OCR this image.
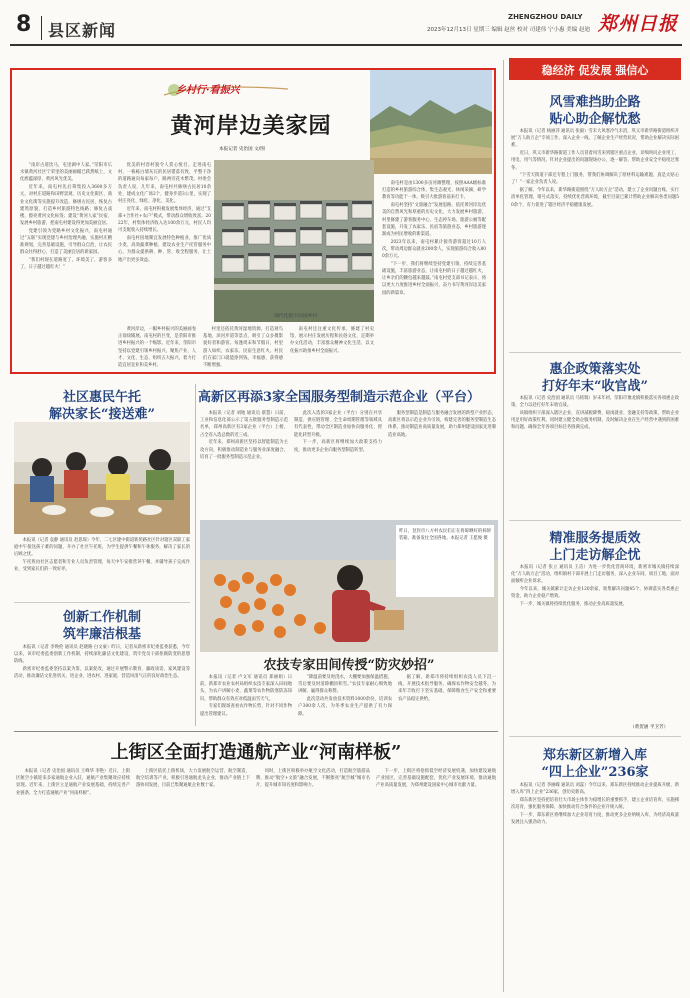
8 县区新闻
ZHENGZHOU DAILY 郑州日报
2023年12月13日 星期三 编辑 赵丝 校对 司建伟 宁小惠 美编 赵迪
乡村行·看振兴
黄河岸边美家园
本报记者 史治国 文/图

“南岸古道饮马，屯里湖中人家。”荥阳市広水镇黄河社区宁荣里的美丽画幅已跃然纸上，文化底蕴深厚，黄河风光优美。

近年来，南屯村先后筹集投入3600多万元，对村庄道路和田野景观、历史文化街区、商业文化街等实施提升改造，修缮古民居，恢复古建筑原貌，打造乡村旅游特色线路；修复古戏楼，擦亮黄河文化标签；建设“黄河人家”民宿，发展乡村旅游，把南屯村建设得更加美丽宜居。

党建引领为党路乡村文化振兴，南屯村通过“五联”实现党建与乡村治理共融，实施村庄精准规划，完善基础设施，引导群众自治，让农民群众住得舒心，打造了美丽宜居的新家园。

“我们村现在道路宽了，环境美了，游客多了，日子越过越红火！”

优美的村容村貌令人赏心悦目。走进南屯村，一栋栋白墙灰瓦的民居错落有致，平整干净的道路通向每家每户，路两旁花木繁茂。村委会负责人说，几年来，南屯村共修缮古民居10余处，建成文化广场2个，健身步道3公里，实现了村庄亮化、绿化、净化、美化。

近年来，南屯村积极发展集体经济，通过“支部+合作社+农户”模式，带动群众增收致富。2022年，村集体经济收入达100余万元，村民人均可支配收入持续增长。

南屯村因地制宜发展特色种植业，推广优质小麦、高效蔬菜种植，建设农业生产托管服务中心，为群众提供耕、种、管、收全程服务，让土地产出更多效益。

南屯村是由1300多亩河滩整理，按照AAA级标准打造的乡村旅游综合体，集生态观光、休闲采摘、研学教育等功能于一体，吸引大批游客前来打卡。

南屯村坚持“文旅融合”发展思路，依托黄河岸边优美的自然风光和厚重的历史文化，大力发展乡村旅游。村里修建了游客服务中心、生态停车场、旅游公厕等配套设施，开发了农家乐、民宿等旅游业态，乡村旅游逐渐成为村民增收的新渠道。

2023年以来，南屯村累计接待游客超过10万人次，带动周边群众就业200余人，实现旅游综合收入800余万元。

“下一步，我们将继续坚持党建引领，持续完善基础设施，丰富旅游业态，让南屯村的日子越过越红火，让乡亲们的腰包越来越鼓。”南屯村党支部书记表示，将以更大力度推进乡村全面振兴，奋力书写黄河岸边美家园的新篇章。

现代化数字田园乡村

黄河岸边，一幅乡村振兴的美丽画卷正徐徐铺展。南屯村的巨变，是荥阳市推进乡村振兴的一个缩影。近年来，荥阳市坚持以党建引领乡村振兴，聚焦产业、人才、文化、生态、组织五大振兴，着力打造宜居宜业和美乡村。

村里还依托黄河湿地资源，打造观鸟基地、滨河步道等景点，吸引了众多摄影爱好者和游客。每逢周末和节假日，村里游人如织，农家乐、民宿生意红火。村民们在家门口就能挣到钱，幸福感、获得感不断增强。

南屯村还注重文化传承，修建了村史馆，展示村庄发展历程和民俗文化，定期举办文化活动，丰富群众精神文化生活，以文化振兴助推乡村全面振兴。

稳经济 促发展 强信心
风雪难挡助企路
贴心助企解忧愁

本报讯（记者 杨丽萍 通讯员 张毅）雪未大风寒冷气未消，巩义市新华路街道组织开展“万人助万企”专项工作，深入企业一线，了解企业生产经营状况，帮助企业解决实际困难。

近日，巩义市新华路街道工作人员冒着风雪来到辖区重点企业，详细询问企业用工、用电、用气等情况，针对企业提出的问题现场办公、逐一解答，帮助企业安全平稳度过寒冬。

“下雪天街道干部还专程上门服务，帮我们协调解决了原材料运输难题，真是太贴心了！”一家企业负责人说。

据了解，今年以来，新华路街道围绕“万人助万企”活动，建立了企业问题台账，实行清单化管理、销号式落实，持续优化营商环境，截至目前已累计帮助企业解决各类问题50余个，有力促进了辖区经济平稳健康发展。

惠企政策落实处
打好年末“收官战”

本报讯（记者 史治国 通讯员 马铭瑞）岁末年初，荥阳市豫龙镇积极落实各项惠企政策，全力以赴打好年末收官战。

该镇组织干部深入辖区企业，宣讲减税降费、稳岗就业、金融支持等政策，帮助企业用足用好政策红利。同时建立健全助企服务机制，及时解决企业在生产经营中遇到的困难和问题，确保全年各项目标任务圆满完成。

精准服务提质效
上门走访解企忧

本报讯（记者 张立 通讯员 王洁）为进一步优化营商环境，新密市城关镇持续深化“万人助万企”活动，组织镇村干部开展上门走访服务，深入企业车间、项目工地，面对面倾听企业诉求。

今年以来，城关镇累计走访企业120余家，收集解决问题45个，协调落实各类惠企资金，助力企业稳产增效。

下一步，城关镇将持续优化服务，推动企业高质量发展。

（黄贺涵 平卫芳）
郑东新区新增入库
“四上企业”236家

本报讯（记者 李丽嵘 通讯员 刘蕊）今年以来，郑东新区持续推动企业提质升级，新增入库“四上企业”236家，创历史新高。

郑东新区坚持把培育壮大市场主体作为稳增长的重要抓手，建立企业培育库，实施梯次培育，强化服务保障，加快推动符合条件的企业升规入统。

下一步，郑东新区将继续加大企业培育力度，推动更多企业纳统入库，为经济高质量发展注入强劲动力。

社区惠民午托
解决家长“接送难”

本报讯（记者 袁静 通讯员 赵思琛）今年，二七区建中街道新苑路社区针对辖区双职工家庭中午接送孩子难的问题，开办了社区午托班，为学生提供午餐和午休服务，解决了家长的后顾之忧。

午托班由社区志愿者和专业人员负责管理，每天中午安排营养午餐，并辅导孩子完成作业，受到家长们的一致好评。

高新区再添3家全国服务型制造示范企业（平台）

本报讯（记者 刘地 通讯员 蔡慧）日前，工业和信息化部公示了第五批服务型制造示范名单，郑州高新区有3家企业（平台）上榜，占全省入选总数的近三成。

近年来，郑州高新区坚持以智能制造为主攻方向，积极推动制造业与服务业深度融合，培育了一批服务型制造示范企业。

此次入选的3家企业（平台）分别在共享制造、供应链管理、全生命周期管理等领域具有代表性，带动全区制造业加快向服务化、智能化转型升级。

下一步，高新区将继续加大政策支持力度，推动更多企业向服务型制造转型。

服务型制造是制造与服务融合发展的新型产业形态，高新区将以示范企业为引领，构建完善的服务型制造生态体系，推动制造业高质量发展，助力郑州建设国家先进制造业高地。

昨日，登封市八方村农民们正在将晾晒好的柿饼装箱，准备发往全国各地。本报记者 王愿俊 摄

创新工作机制
筑牢廉洁根基

本报讯（记者 李焕伦 通讯员 赵晓路 白文豪）昨日，记者从新密市纪委监委获悉，今年以来，该市纪委监委创新工作机制，持续深化廉洁文化建设，筑牢党员干部拒腐防变的思想防线。

新密市纪委监委坚持以案为鉴，以案促改，通过开展警示教育、廉政谈话、家风建设等活动，推动廉洁文化进机关、进企业、进农村、进家庭，营造风清气正的良好政治生态。

农技专家田间传授“防灾妙招”

本报讯（记者 卢文军 通讯员 郑丽娟）日前，新郑市农业农村局组织农技专家深入田间地头，为农户讲解小麦、蔬菜等农作物防寒防冻知识，帮助群众有效应对低温雨雪天气。

专家们现场查看农作物长势，针对不同作物提出管理建议。

“降温前要及时浇水，大棚要加强保温措施，雪后要及时清除棚顶积雪。”农技专家耐心细致地讲解，赢得群众称赞。

此次活动共发放技术资料1000余份，培训农户300余人次，为冬季农业生产提供了有力保障。

据了解，新郑市将持续组织农技人员下沉一线，开展技术指导服务，确保农作物安全越冬，为来年丰收打下坚实基础，保障粮食生产安全和重要农产品稳定供给。

上街区全面打造通航产业“河南样板”

本报讯（记者 史治国 通讯员 王峰华 李艳）近日，上街区航空小镇迎来多家通航企业入驻，通航产业集聚效应持续显现。近年来，上街区立足通航产业发展基础，持续完善产业链条，全力打造通航产业“河南样板”。

上街区依托上街机场，大力发展航空运营、航空制造、航空培训等产业，积极引进通航龙头企业，推动产业链上下游协同发展，目前已集聚通航企业数十家。

同时，上街区积极举办航空文化活动，打造航空旅游品牌，推动“航空+文旅”融合发展，不断擦亮“航空城”城市名片，提升城市知名度和影响力。

下一步，上街区将抢抓低空经济发展机遇，加快建设通航产业园区，完善基础设施配套，优化产业发展环境，推动通航产业高质量发展，为郑州建设国家中心城市贡献力量。
